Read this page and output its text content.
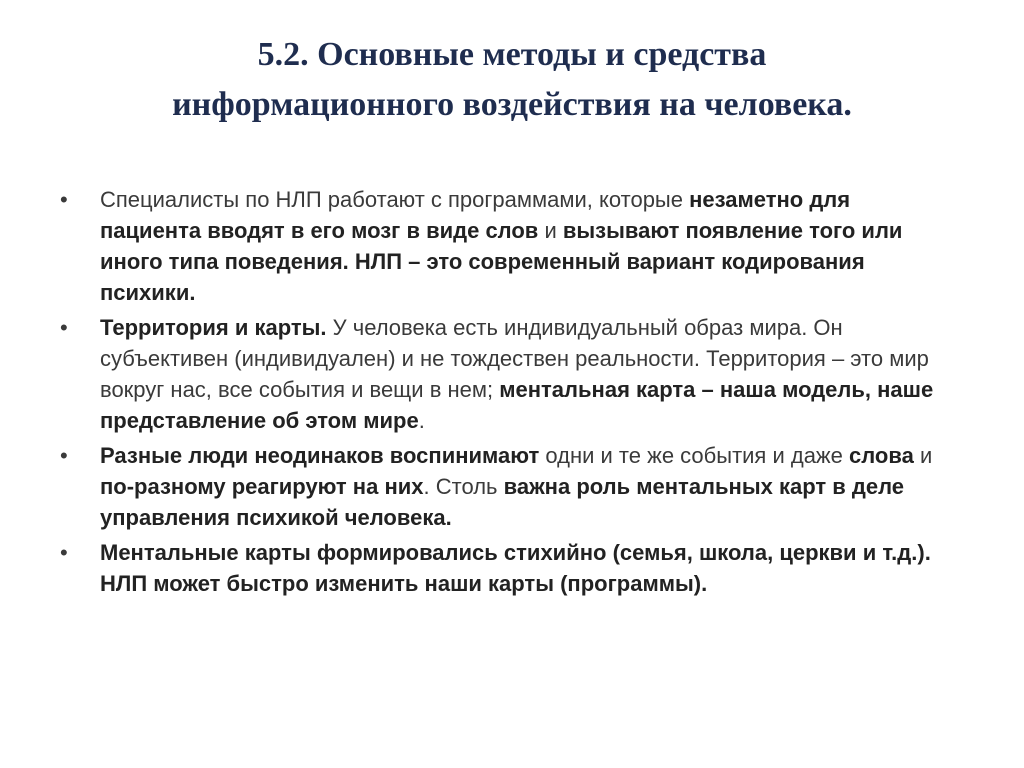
5.2. Основные методы и средства
информационного воздействия на человека.
• Специалисты по НЛП работают с программами, которые незаметно для пациента вводят в его мозг в виде слов и вызывают появление того или иного типа поведения. НЛП – это современный вариант кодирования психики.
• Территория и карты. У человека есть индивидуальный образ мира. Он субъективен (индивидуален) и не тождествен реальности. Территория – это мир вокруг нас, все события и вещи в нем; ментальная карта – наша модель, наше представление об этом мире.
• Разные люди неодинаков воспинимают одни и те же события и даже слова и по-разному реагируют на них. Столь важна роль ментальных карт в деле управления психикой человека.
• Ментальные карты формировались стихийно (семья, школа, церкви и т.д.). НЛП может быстро изменить наши карты (программы).
